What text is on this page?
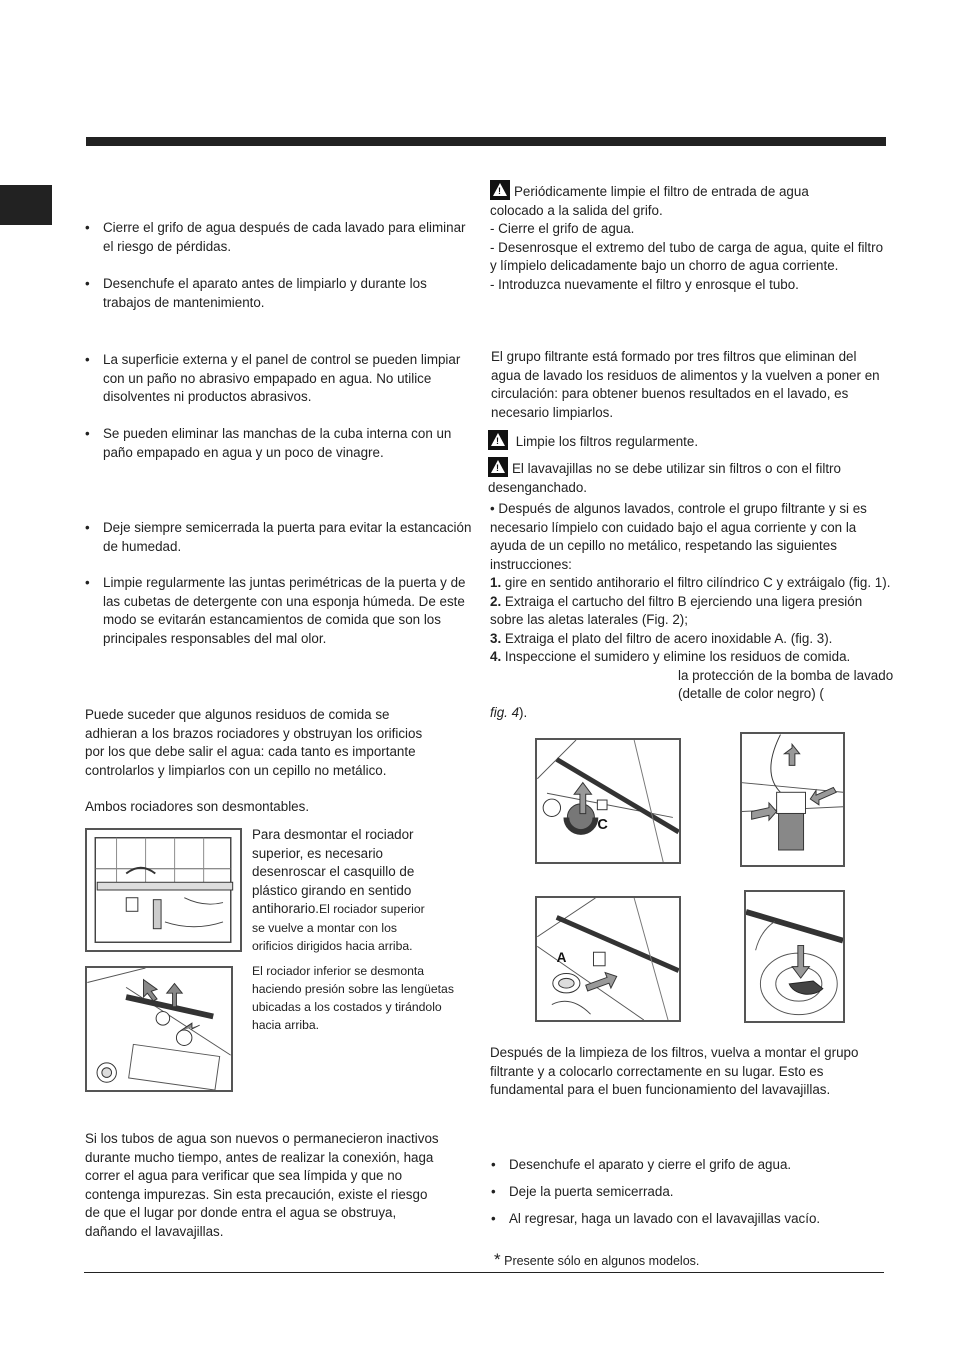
• Cierre el grifo de agua después de cada lavado para eliminar el riesgo de pérdidas.
• Desenchufe el aparato antes de limpiarlo y durante los trabajos de mantenimiento.
• La superficie externa y el panel de control se pueden limpiar con un paño no abrasivo empapado en agua. No utilice disolventes ni productos abrasivos.
• Se pueden eliminar las manchas de la cuba interna con un paño empapado en agua y un poco de vinagre.
• Deje siempre semicerrada la puerta para evitar la estancación de humedad.
• Limpie regularmente las juntas perimétricas de la puerta y de las cubetas de detergente con una esponja húmeda. De este modo se evitarán estancamientos de comida que son los principales responsables del mal olor.

Puede suceder que algunos residuos de comida se adhieran a los brazos rociadores y obstruyan los orificios por los que debe salir el agua: cada tanto es importante controlarlos y limpiarlos con un cepillo no metálico.

Ambos rociadores son desmontables.

Para desmontar el rociador superior, es necesario desenroscar el casquillo de plástico girando en sentido antihorario.El rociador superior se vuelve a montar con los orificios dirigidos hacia arriba.
El rociador inferior se desmonta haciendo presión sobre las lengüetas ubicadas a los costados y tirándolo hacia arriba.

Si los tubos de agua son nuevos o permanecieron inactivos durante mucho tiempo, antes de realizar la conexión, haga correr el agua para verificar que sea límpida y que no contenga impurezas. Sin esta precaución, existe el riesgo de que el lugar por donde entra el agua se obstruya, dañando el lavavajillas.

! Periódicamente limpie el filtro de entrada de agua
colocado a la salida del grifo.
- Cierre el grifo de agua.
- Desenrosque el extremo del tubo de carga de agua, quite el filtro y límpielo delicadamente bajo un chorro de agua corriente.
- Introduzca nuevamente el filtro y enrosque el tubo.

El grupo filtrante está formado por tres filtros que eliminan del agua de lavado los residuos de alimentos y la vuelven a poner en circulación: para obtener buenos resultados en el lavado, es necesario limpiarlos.

! Limpie los filtros regularmente.
! El lavavajillas no se debe utilizar sin filtros o con el filtro desenganchado.
• Después de algunos lavados, controle el grupo filtrante y si es necesario límpielo con cuidado bajo el agua corriente y con la ayuda de un cepillo no metálico, respetando las siguientes instrucciones:
1. gire en sentido antihorario el filtro cilíndrico C y extráigalo (fig. 1).
2. Extraiga el cartucho del filtro B ejerciendo una ligera presión sobre las aletas laterales (Fig. 2);
3. Extraiga el plato del filtro de acero inoxidable A. (fig. 3).
4. Inspeccione el sumidero y elimine los residuos de comida.
la protección de la bomba de lavado (detalle de color negro) (
fig. 4).
C
A

Después de la limpieza de los filtros, vuelva a montar el grupo filtrante y a colocarlo correctamente en su lugar. Esto es fundamental para el buen funcionamiento del lavavajillas.

• Desenchufe el aparato y cierre el grifo de agua.
• Deje la puerta semicerrada.
• Al regresar, haga un lavado con el lavavajillas vacío.
* Presente sólo en algunos modelos.
